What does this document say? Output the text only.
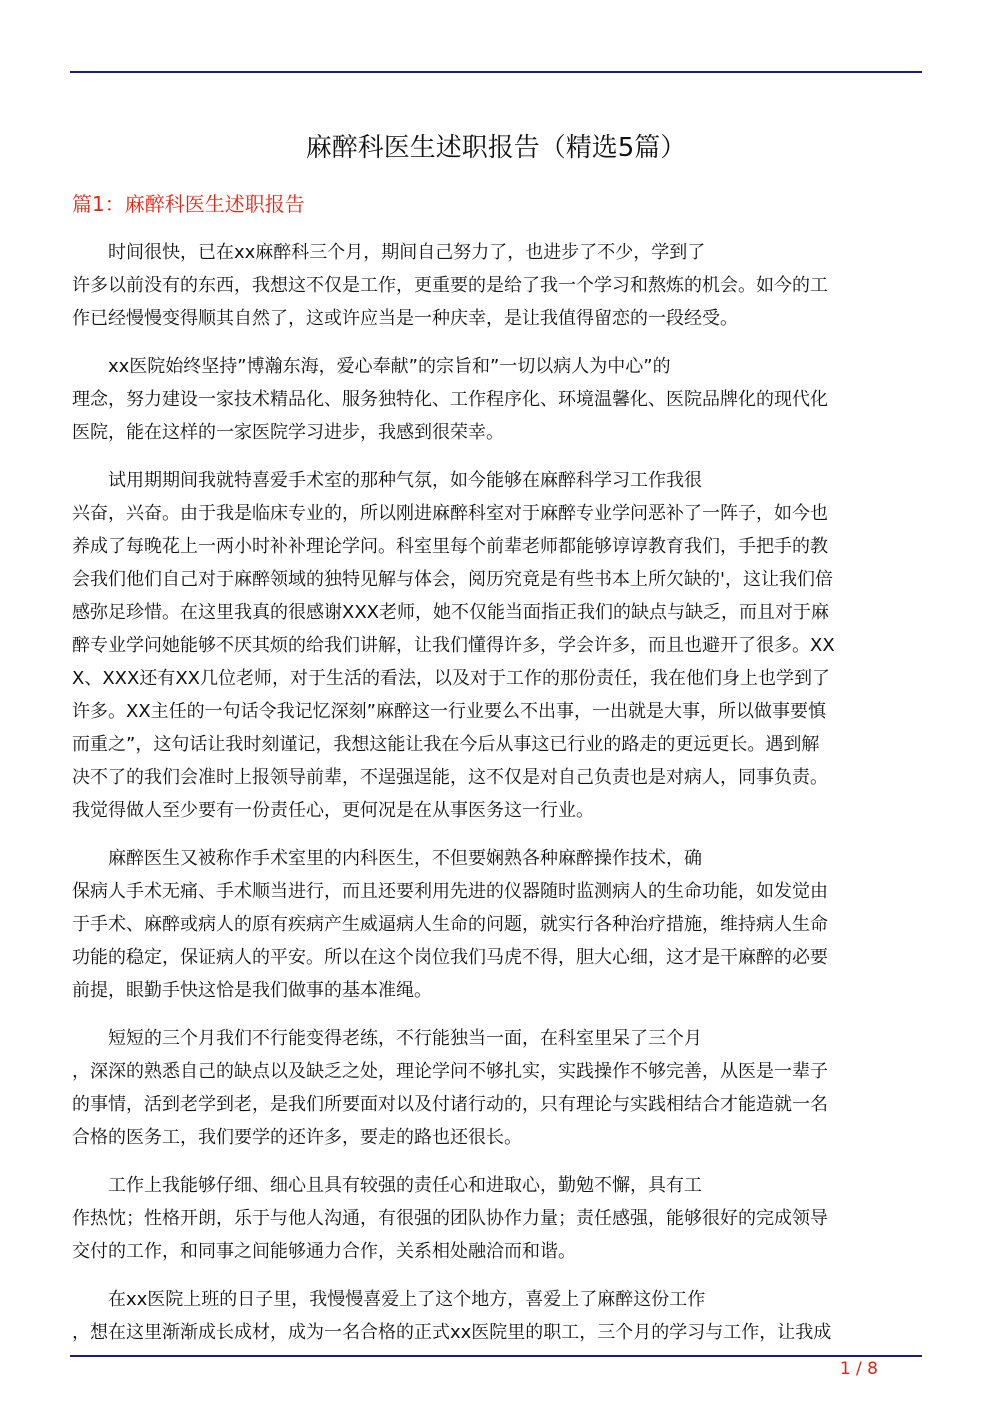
麻醉科医生述职报告（精选5篇）
篇1：麻醉科医生述职报告
时间很快，已在xx麻醉科三个月，期间自己努力了，也进步了不少，学到了
许多以前没有的东西，我想这不仅是工作，更重要的是给了我一个学习和熬炼的机会。如今的工
作已经慢慢变得顺其自然了，这或许应当是一种庆幸，是让我值得留恋的一段经受。
xx医院始终坚持”博瀚东海，爱心奉献”的宗旨和”一切以病人为中心”的
理念，努力建设一家技术精品化、服务独特化、工作程序化、环境温馨化、医院品牌化的现代化
医院，能在这样的一家医院学习进步，我感到很荣幸。
试用期期间我就特喜爱手术室的那种气氛，如今能够在麻醉科学习工作我很
兴奋，兴奋。由于我是临床专业的，所以刚进麻醉科室对于麻醉专业学问恶补了一阵子，如今也
养成了每晚花上一两小时补补理论学问。科室里每个前辈老师都能够谆谆教育我们，手把手的教
会我们他们自己对于麻醉领域的独特见解与体会，阅历究竟是有些书本上所欠缺的'，这让我们倍
感弥足珍惜。在这里我真的很感谢XXX老师，她不仅能当面指正我们的缺点与缺乏，而且对于麻
醉专业学问她能够不厌其烦的给我们讲解，让我们懂得许多，学会许多，而且也避开了很多。XX
X、XXX还有XX几位老师，对于生活的看法，以及对于工作的那份责任，我在他们身上也学到了
许多。XX主任的一句话令我记忆深刻”麻醉这一行业要么不出事，一出就是大事，所以做事要慎
而重之”，这句话让我时刻谨记，我想这能让我在今后从事这已行业的路走的更远更长。遇到解
决不了的我们会准时上报领导前辈，不逞强逞能，这不仅是对自己负责也是对病人，同事负责。
我觉得做人至少要有一份责任心，更何况是在从事医务这一行业。
麻醉医生又被称作手术室里的内科医生，不但要娴熟各种麻醉操作技术，确
保病人手术无痛、手术顺当进行，而且还要利用先进的仪器随时监测病人的生命功能，如发觉由
于手术、麻醉或病人的原有疾病产生威逼病人生命的问题，就实行各种治疗措施，维持病人生命
功能的稳定，保证病人的平安。所以在这个岗位我们马虎不得，胆大心细，这才是干麻醉的必要
前提，眼勤手快这恰是我们做事的基本准绳。
短短的三个月我们不行能变得老练，不行能独当一面，在科室里呆了三个月
，深深的熟悉自己的缺点以及缺乏之处，理论学问不够扎实，实践操作不够完善，从医是一辈子
的事情，活到老学到老，是我们所要面对以及付诸行动的，只有理论与实践相结合才能造就一名
合格的医务工，我们要学的还许多，要走的路也还很长。
工作上我能够仔细、细心且具有较强的责任心和进取心，勤勉不懈，具有工
作热忱；性格开朗，乐于与他人沟通，有很强的团队协作力量；责任感强，能够很好的完成领导
交付的工作，和同事之间能够通力合作，关系相处融洽而和谐。
在xx医院上班的日子里，我慢慢喜爱上了这个地方，喜爱上了麻醉这份工作
，想在这里渐渐成长成材，成为一名合格的正式xx医院里的职工，三个月的学习与工作，让我成
1 / 8
